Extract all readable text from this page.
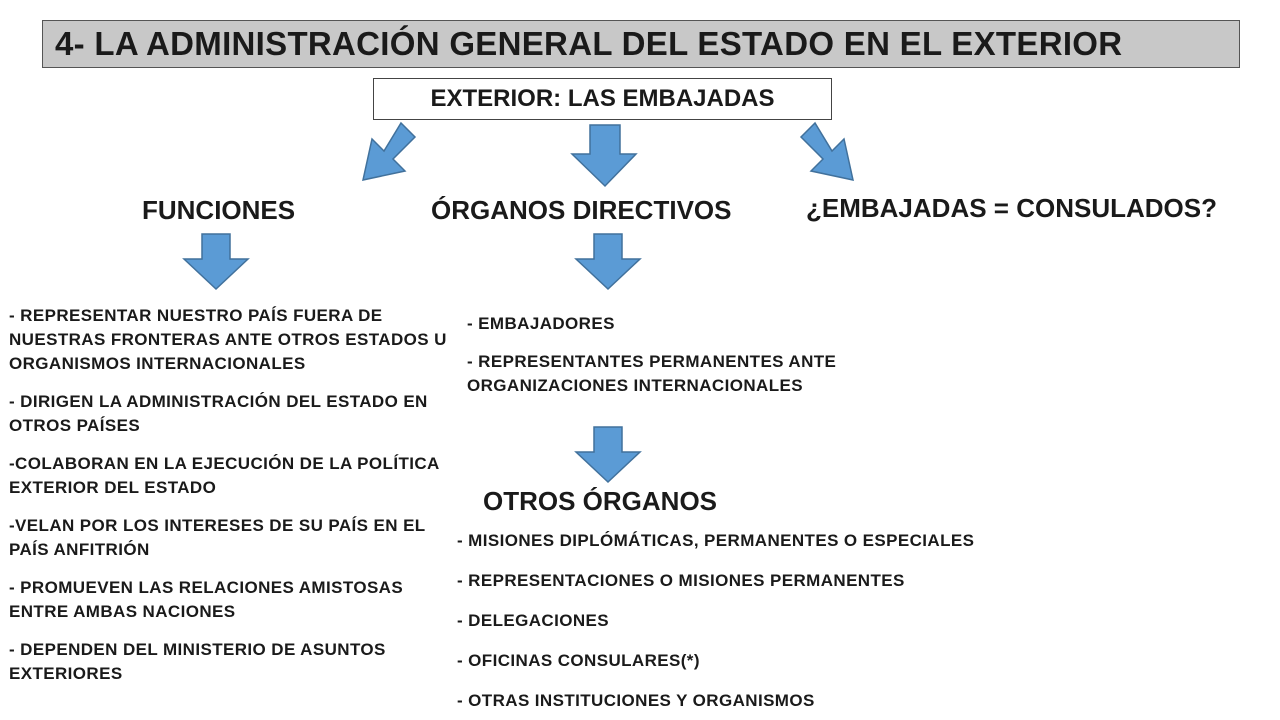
4- LA ADMINISTRACIÓN GENERAL DEL ESTADO EN EL EXTERIOR
EXTERIOR: LAS EMBAJADAS
FUNCIONES	ÓRGANOS DIRECTIVOS	¿EMBAJADAS = CONSULADOS?

- REPRESENTAR NUESTRO PAÍS FUERA DE NUESTRAS FRONTERAS ANTE OTROS ESTADOS U ORGANISMOS INTERNACIONALES

- DIRIGEN LA ADMINISTRACIÓN DEL ESTADO EN OTROS PAÍSES

-COLABORAN EN LA EJECUCIÓN DE LA POLÍTICA EXTERIOR DEL ESTADO

-VELAN POR LOS INTERESES DE SU PAÍS EN EL PAÍS ANFITRIÓN

- PROMUEVEN LAS RELACIONES AMISTOSAS ENTRE AMBAS NACIONES

- DEPENDEN DEL MINISTERIO DE ASUNTOS EXTERIORES

- EMBAJADORES

- REPRESENTANTES PERMANENTES ANTE ORGANIZACIONES INTERNACIONALES

OTROS ÓRGANOS

- MISIONES DIPLÓMÁTICAS, PERMANENTES O ESPECIALES

- REPRESENTACIONES O MISIONES PERMANENTES

- DELEGACIONES

- OFICINAS CONSULARES(*)

- OTRAS INSTITUCIONES Y ORGANISMOS
